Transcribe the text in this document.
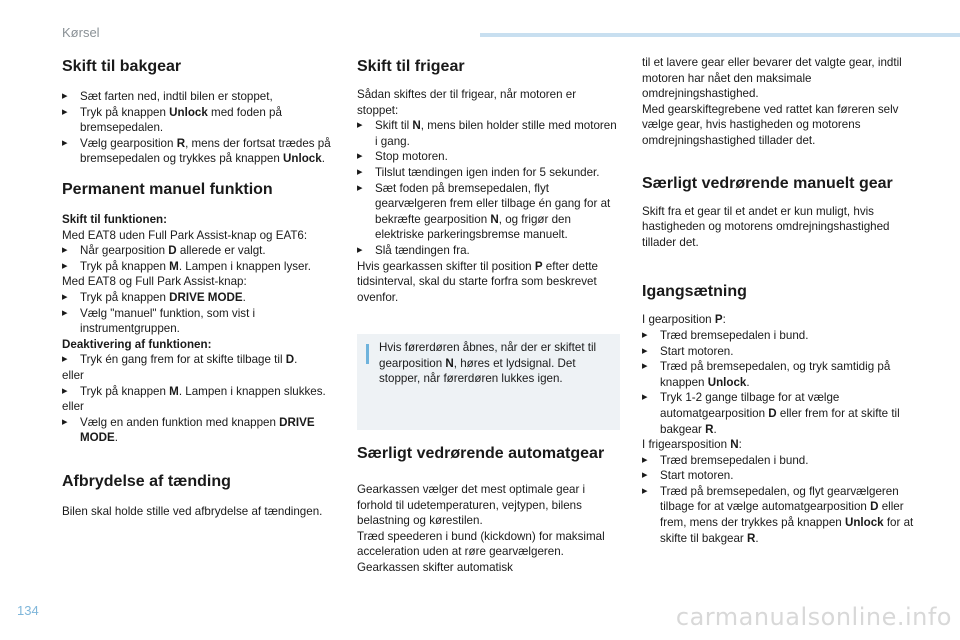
Kørsel
Skift til bakgear
▸ Sæt farten ned, indtil bilen er stoppet,
▸ Tryk på knappen Unlock med foden på bremsepedalen.
▸ Vælg gearposition R, mens der fortsat trædes på bremsepedalen og trykkes på knappen Unlock.
Permanent manuel funktion

Skift til funktionen:

Med EAT8 uden Full Park Assist-knap og EAT6:

▸ Når gearposition D allerede er valgt.
▸ Tryk på knappen M. Lampen i knappen lyser.

Med EAT8 og Full Park Assist-knap:

▸ Tryk på knappen DRIVE MODE.
▸ Vælg "manuel" funktion, som vist i instrumentgruppen.

Deaktivering af funktionen:

▸ Tryk én gang frem for at skifte tilbage til D.

eller

▸ Tryk på knappen M. Lampen i knappen slukkes.

eller

▸ Vælg en anden funktion med knappen DRIVE MODE.
Afbrydelse af tænding

Bilen skal holde stille ved afbrydelse af tændingen.

Skift til frigear

Sådan skiftes der til frigear, når motoren er stoppet:

▸ Skift til N, mens bilen holder stille med motoren i gang.
▸ Stop motoren.
▸ Tilslut tændingen igen inden for 5 sekunder.
▸ Sæt foden på bremsepedalen, flyt gearvælgeren frem eller tilbage én gang for at bekræfte gearposition N, og frigør den elektriske parkeringsbremse manuelt.
▸ Slå tændingen fra.

Hvis gearkassen skifter til position P efter dette tidsinterval, skal du starte forfra som beskrevet ovenfor.

Hvis førerdøren åbnes, når der er skiftet til gearposition N, høres et lydsignal. Det stopper, når førerdøren lukkes igen.
Særligt vedrørende automatgear

Gearkassen vælger det mest optimale gear i forhold til udetemperaturen, vejtypen, bilens belastning og kørestilen.

Træd speederen i bund (kickdown) for maksimal acceleration uden at røre gearvælgeren. Gearkassen skifter automatisk

til et lavere gear eller bevarer det valgte gear, indtil motoren har nået den maksimale omdrejningshastighed.

Med gearskiftegrebene ved rattet kan føreren selv vælge gear, hvis hastigheden og motorens omdrejningshastighed tillader det.

Særligt vedrørende manuelt gear

Skift fra et gear til et andet er kun muligt, hvis hastigheden og motorens omdrejningshastighed tillader det.

Igangsætning

I gearposition P:

▸ Træd bremsepedalen i bund.
▸ Start motoren.
▸ Træd på bremsepedalen, og tryk samtidig på knappen Unlock.
▸ Tryk 1-2 gange tilbage for at vælge automatgearposition D eller frem for at skifte til bakgear R.

I frigearsposition N:

▸ Træd bremsepedalen i bund.
▸ Start motoren.
▸ Træd på bremsepedalen, og flyt gearvælgeren tilbage for at vælge automatgearposition D eller frem, mens der trykkes på knappen Unlock for at skifte til bakgear R.
134	carmanualsonline.info
